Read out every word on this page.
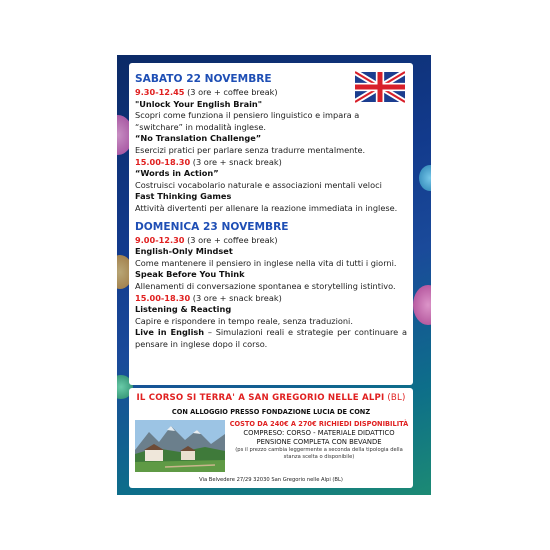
SABATO 22 NOVEMBRE
9.30-12.45 (3 ore + coffee break)
"Unlock Your English Brain"
Scopri come funziona il pensiero linguistico e impara a “switchare” in modalità inglese.
“No Translation Challenge”
Esercizi pratici per parlare senza tradurre mentalmente.
15.00-18.30 (3 ore + snack break)
“Words in Action”
Costruisci vocabolario naturale e associazioni mentali veloci
Fast Thinking Games
Attività divertenti per allenare la reazione immediata in inglese.
DOMENICA 23 NOVEMBRE
9.00-12.30 (3 ore + coffee break)
English-Only Mindset
Come mantenere il pensiero in inglese nella vita di tutti i giorni.
Speak Before You Think
Allenamenti di conversazione spontanea e storytelling istintivo.
15.00-18.30 (3 ore + snack break)
Listening & Reacting
Capire e rispondere in tempo reale, senza traduzioni.
Live in English – Simulazioni reali e strategie per continuare a pensare in inglese dopo il corso.
IL CORSO SI TERRA' A SAN GREGORIO NELLE ALPI (BL)
CON ALLOGGIO PRESSO FONDAZIONE LUCIA DE CONZ
COSTO DA 240€ A 270€ RICHIEDI DISPONIBILITÀ
COMPRESO: CORSO - MATERIALE DIDATTICO
PENSIONE COMPLETA CON BEVANDE
(ps il prezzo cambia leggermente a seconda della tipologia della stanza scelta o disponibile)
Via Belvedere 27/29 32030 San Gregorio nelle Alpi (BL)
